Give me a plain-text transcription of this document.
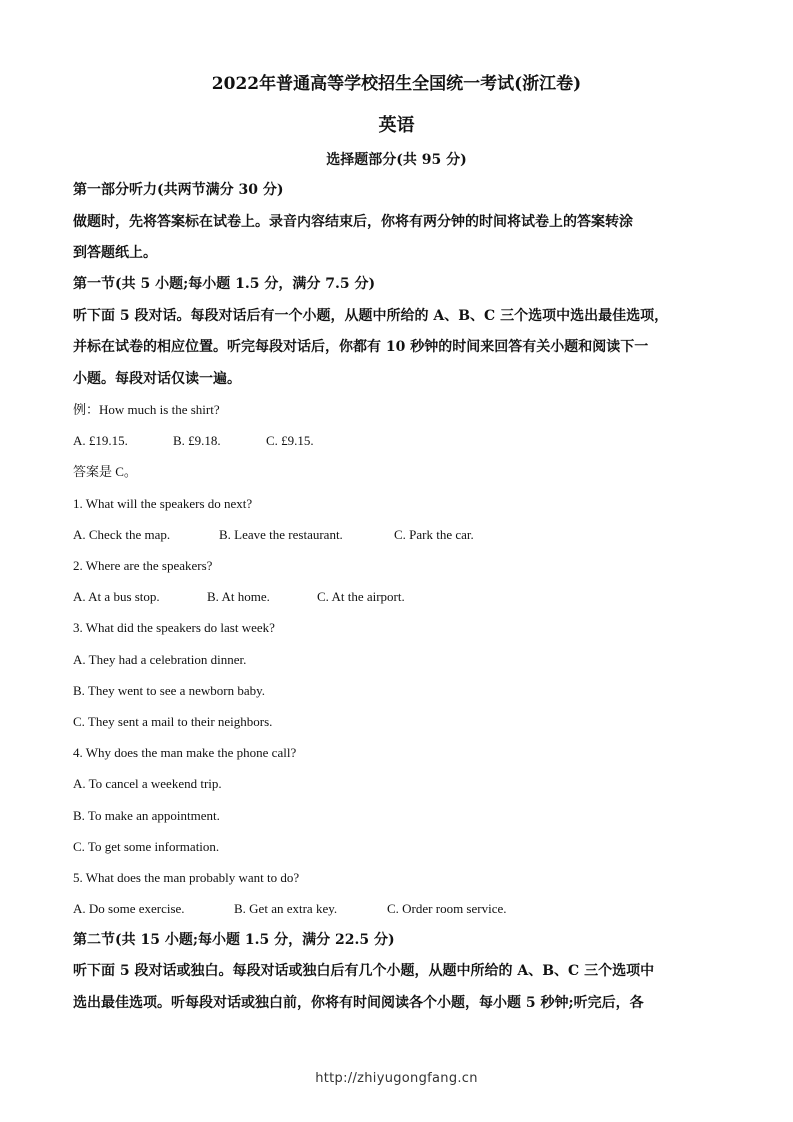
2022年普通高等学校招生全国统一考试(浙江卷)
英语
选择题部分(共 95 分)
第一部分听力(共两节满分 30 分)
做题时，先将答案标在试卷上。录音内容结束后，你将有两分钟的时间将试卷上的答案转涂
到答题纸上。
第一节(共 5 小题;每小题 1.5 分，满分 7.5 分)
听下面 5 段对话。每段对话后有一个小题，从题中所给的 A、B、C 三个选项中选出最佳选项，
并标在试卷的相应位置。听完每段对话后，你都有 10 秒钟的时间来回答有关小题和阅读下一
小题。每段对话仅读一遍。
例：How much is the shirt?
A. £19.15.	B. £9.18.	C. £9.15.
答案是 C。
1. What will the speakers do next?
A. Check the map.	B. Leave the restaurant.	C. Park the car.
2. Where are the speakers?
A. At a bus stop.	B. At home.	C. At the airport.
3. What did the speakers do last week?
A. They had a celebration dinner.
B. They went to see a newborn baby.
C. They sent a mail to their neighbors.
4. Why does the man make the phone call?
A. To cancel a weekend trip.
B. To make an appointment.
C. To get some information.
5. What does the man probably want to do?
A. Do some exercise.	B. Get an extra key.	C. Order room service.
第二节(共 15 小题;每小题 1.5 分，满分 22.5 分)
听下面 5 段对话或独白。每段对话或独白后有几个小题，从题中所给的 A、B、C 三个选项中
选出最佳选项。听每段对话或独白前，你将有时间阅读各个小题，每小题 5 秒钟;听完后，各
http://zhiyugongfang.cn
